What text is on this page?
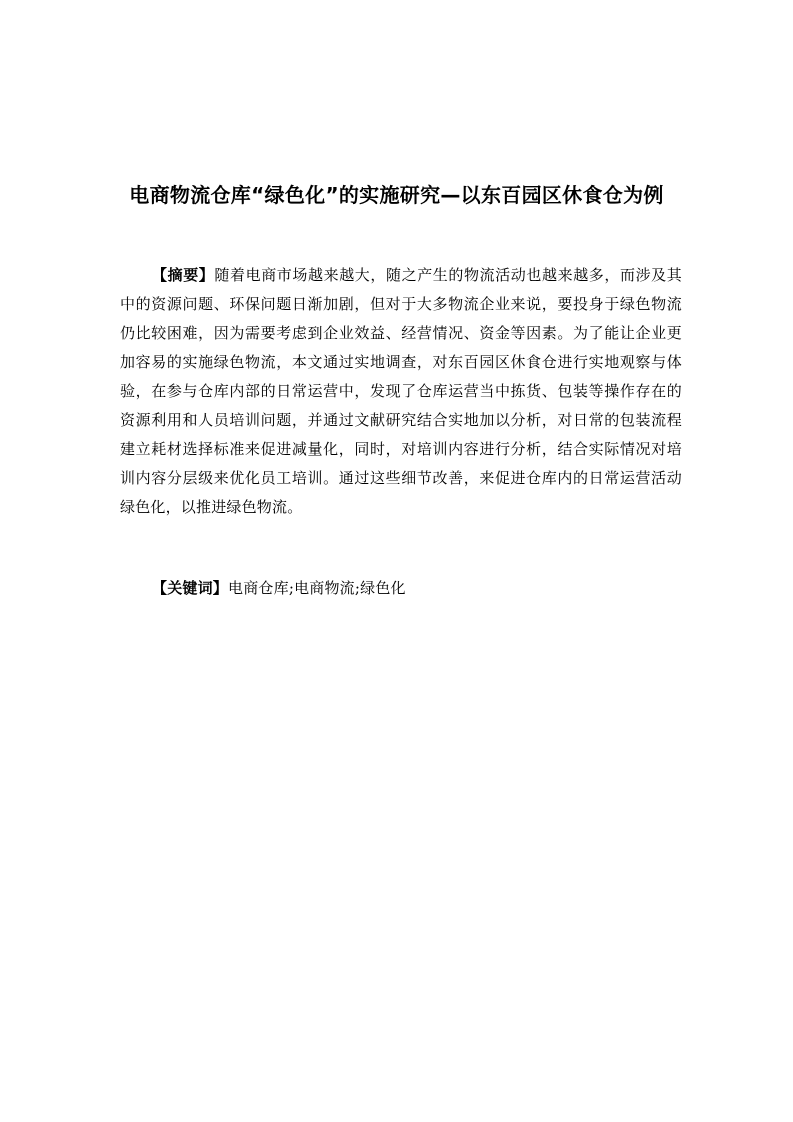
电商物流仓库“绿色化”的实施研究—以东百园区休食仓为例

【摘要】随着电商市场越来越大，随之产生的物流活动也越来越多，而涉及其中的资源问题、环保问题日渐加剧，但对于大多物流企业来说，要投身于绿色物流仍比较困难，因为需要考虑到企业效益、经营情况、资金等因素。为了能让企业更加容易的实施绿色物流，本文通过实地调查，对东百园区休食仓进行实地观察与体验，在参与仓库内部的日常运营中，发现了仓库运营当中拣货、包装等操作存在的资源利用和人员培训问题，并通过文献研究结合实地加以分析，对日常的包装流程建立耗材选择标准来促进减量化，同时，对培训内容进行分析，结合实际情况对培训内容分层级来优化员工培训。通过这些细节改善，来促进仓库内的日常运营活动绿色化，以推进绿色物流。

【关键词】电商仓库;电商物流;绿色化
